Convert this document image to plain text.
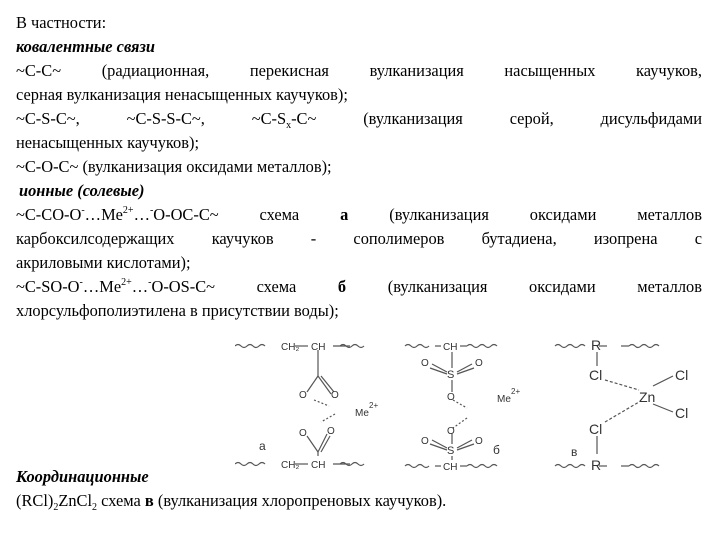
В частности:
ковалентные связи
~C-C~ (радиационная, перекисная вулканизация насыщенных каучуков,
серная вулканизация ненасыщенных каучуков);
~C-S-C~, ~C-S-S-C~, $\sim C-S_x-C\sim$ (вулканизация серой, дисульфидами
ненасыщенных каучуков);
~C-O-C~ (вулканизация оксидами металлов);
ионные (солевые)
$\sim C-CO-O^-\dots Me^{2+}\dots^-O-OC-C\sim$ схема а (вулканизация оксидами металлов
карбоксилсодержащих каучуков - сополимеров бутадиена, изопрена с
акриловыми кислотами);
$\sim C-SO-O^-\dots Me^{2+}\dots^-O-OS-C\sim$ схема	б	(вулканизация оксидами металлов
хлорсульфополиэтилена в присутствии воды);
CH₂ CH
O O
Me
2+
O O
CH₂ CH
а
CH
S
O	O
O	Me
2+
O
S
O	O
CH
б
R
Cl
Zn
Cl
Cl
Cl
R
в
Координационные
$(RCl)_2ZnCl_2$ схема в (вулканизация хлоропреновых каучуков).
